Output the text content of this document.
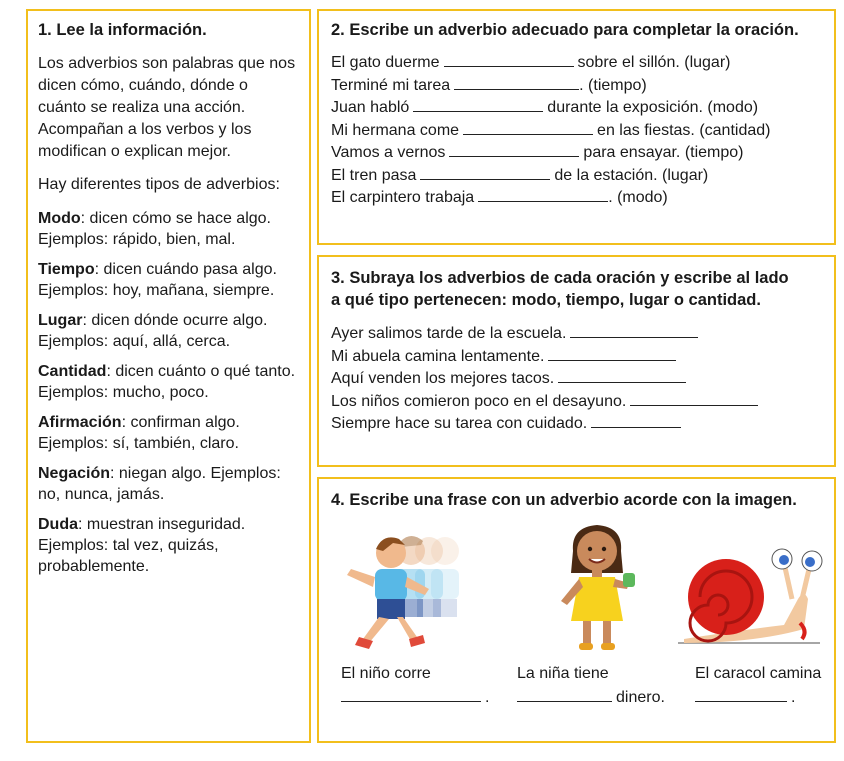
1. Lee la información.
Los adverbios son palabras que nos dicen cómo, cuándo, dónde o cuánto se realiza una acción. Acompañan a los verbos y los modifican o explican mejor.
Hay diferentes tipos de adverbios:
Modo: dicen cómo se hace algo. Ejemplos: rápido, bien, mal.
Tiempo: dicen cuándo pasa algo. Ejemplos: hoy, mañana, siempre.
Lugar: dicen dónde ocurre algo. Ejemplos: aquí, allá, cerca.
Cantidad: dicen cuánto o qué tanto. Ejemplos: mucho, poco.
Afirmación: confirman algo. Ejemplos: sí, también, claro.
Negación: niegan algo. Ejemplos: no, nunca, jamás.
Duda: muestran inseguridad. Ejemplos: tal vez, quizás, probablemente.
2. Escribe un adverbio adecuado para completar la oración.
El gato duerme	sobre el sillón. (lugar)
Terminé mi tarea	. (tiempo)
Juan habló	durante la exposición. (modo)
Mi hermana come	en las fiestas. (cantidad)
Vamos a vernos	para ensayar. (tiempo)
El tren pasa	de la estación. (lugar)
El carpintero trabaja	. (modo)
3. Subraya los adverbios de cada oración y escribe al lado a qué tipo pertenecen: modo, tiempo, lugar o cantidad.
Ayer salimos tarde de la escuela.
Mi abuela camina lentamente.
Aquí venden los mejores tacos.
Los niños comieron poco en el desayuno.
Siempre hace su tarea con cuidado.
4. Escribe una frase con un adverbio acorde con la imagen.
El niño corre	La niña tiene	El caracol camina
.	dinero.	.
